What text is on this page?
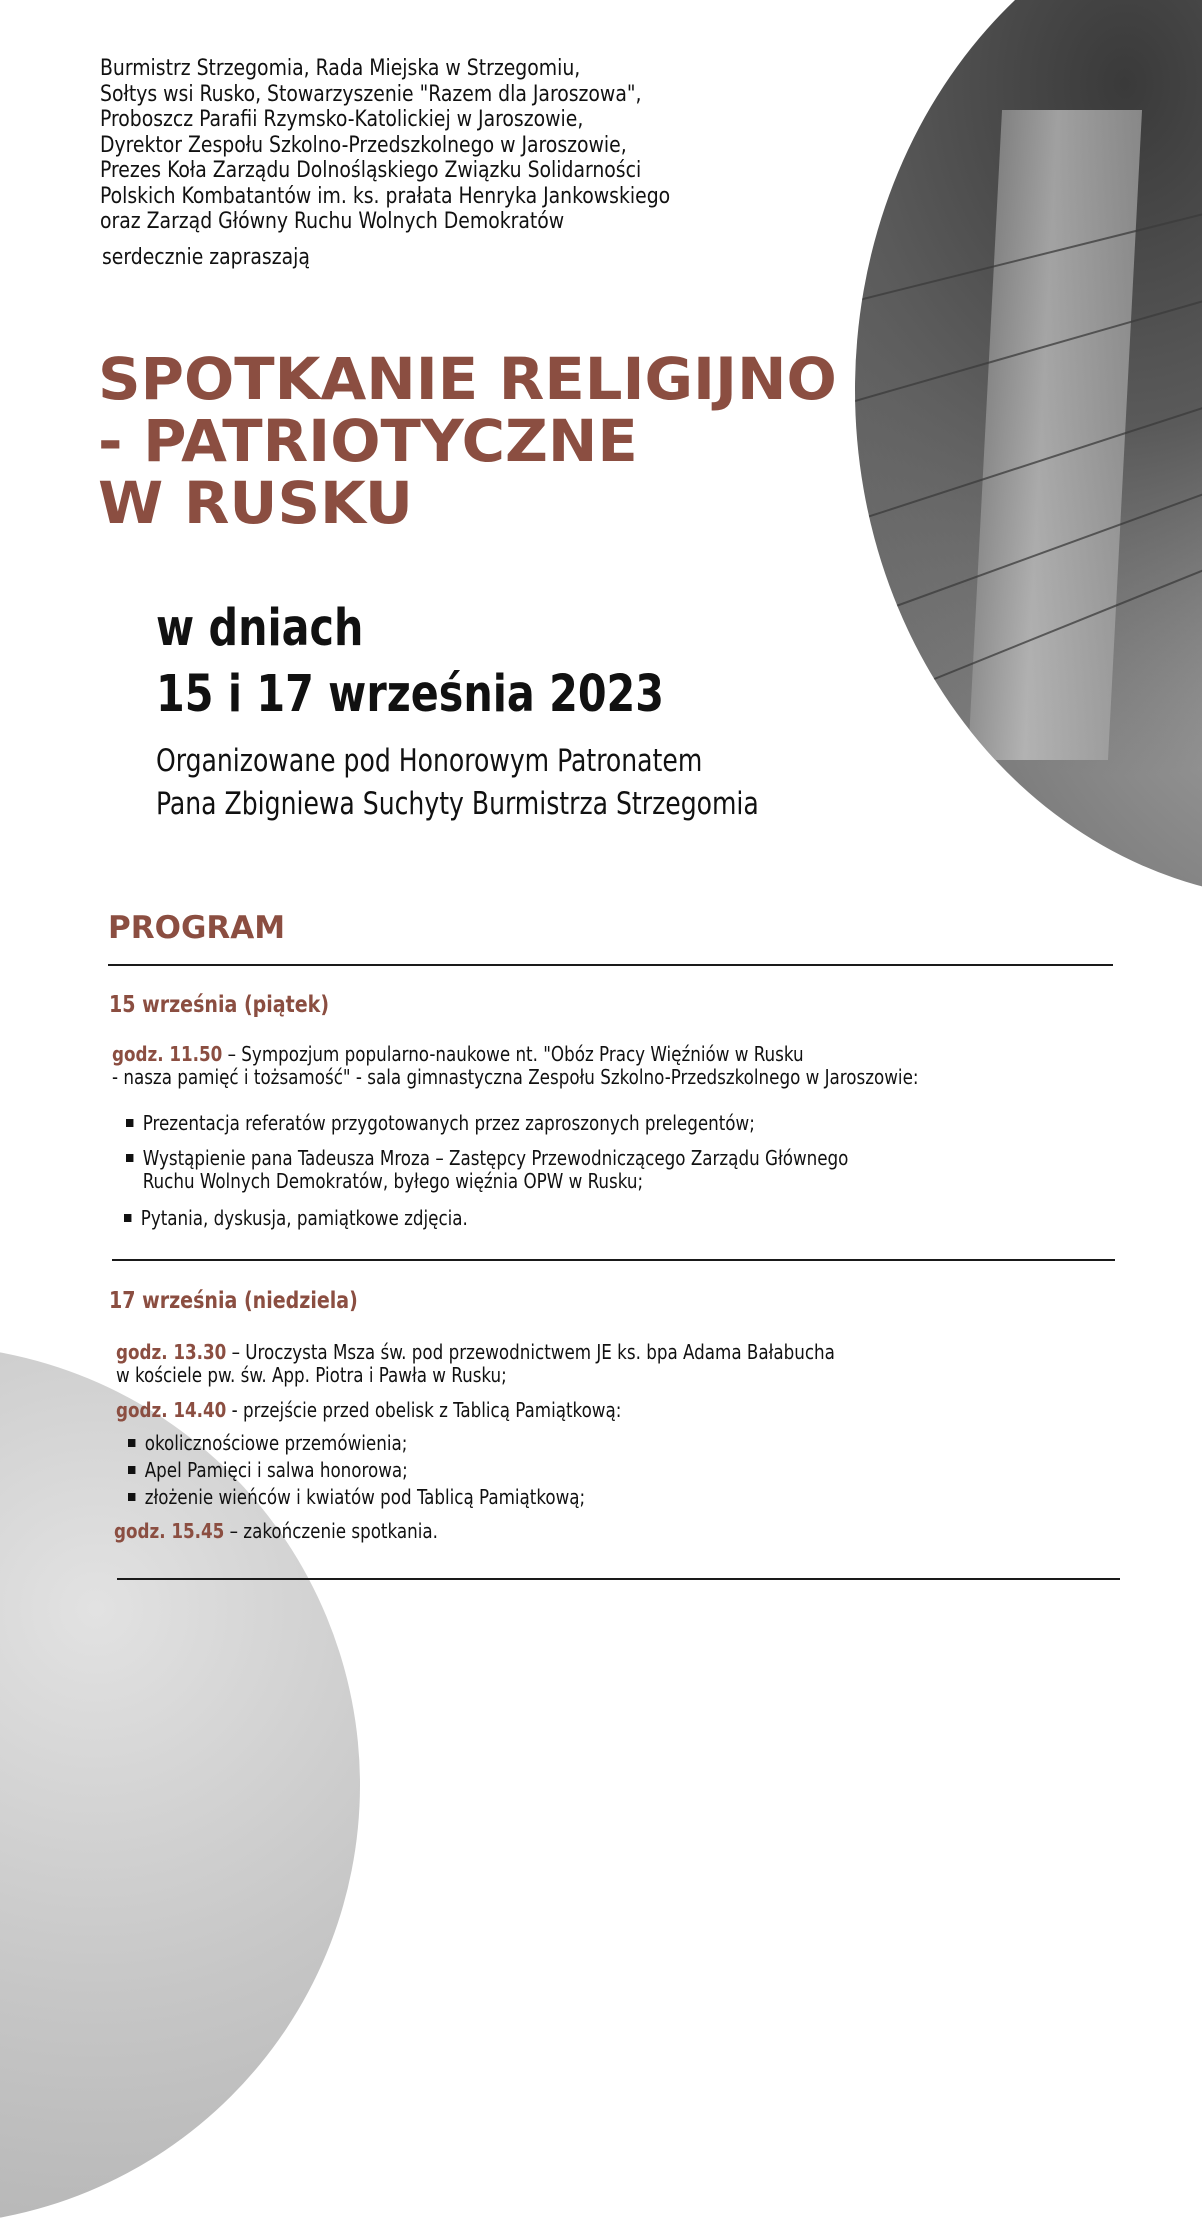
Burmistrz Strzegomia, Rada Miejska w Strzegomiu,
Sołtys wsi Rusko, Stowarzyszenie "Razem dla Jaroszowa",
Proboszcz Parafii Rzymsko-Katolickiej w Jaroszowie,
Dyrektor Zespołu Szkolno-Przedszkolnego w Jaroszowie,
Prezes Koła Zarządu Dolnośląskiego Związku Solidarności
Polskich Kombatantów im. ks. prałata Henryka Jankowskiego
oraz Zarząd Główny Ruchu Wolnych Demokratów
serdecznie zapraszają
SPOTKANIE RELIGIJNO
- PATRIOTYCZNE
W RUSKU
w dniach
15 i 17 września 2023
Organizowane pod Honorowym Patronatem
Pana Zbigniewa Suchyty Burmistrza Strzegomia
PROGRAM
15 września (piątek)
godz. 11.50 – Sympozjum popularno-naukowe nt. "Obóz Pracy Więźniów w Rusku
- nasza pamięć i tożsamość" - sala gimnastyczna Zespołu Szkolno-Przedszkolnego w Jaroszowie:
Prezentacja referatów przygotowanych przez zaproszonych prelegentów;
Wystąpienie pana Tadeusza Mroza – Zastępcy Przewodniczącego Zarządu Głównego
Ruchu Wolnych Demokratów, byłego więźnia OPW w Rusku;
Pytania, dyskusja, pamiątkowe zdjęcia.
17 września (niedziela)
godz. 13.30 – Uroczysta Msza św. pod przewodnictwem JE ks. bpa Adama Bałabucha
w kościele pw. św. App. Piotra i Pawła w Rusku;
godz. 14.40 - przejście przed obelisk z Tablicą Pamiątkową:
okolicznościowe przemówienia;
Apel Pamięci i salwa honorowa;
złożenie wieńców i kwiatów pod Tablicą Pamiątkową;
godz. 15.45 – zakończenie spotkania.
